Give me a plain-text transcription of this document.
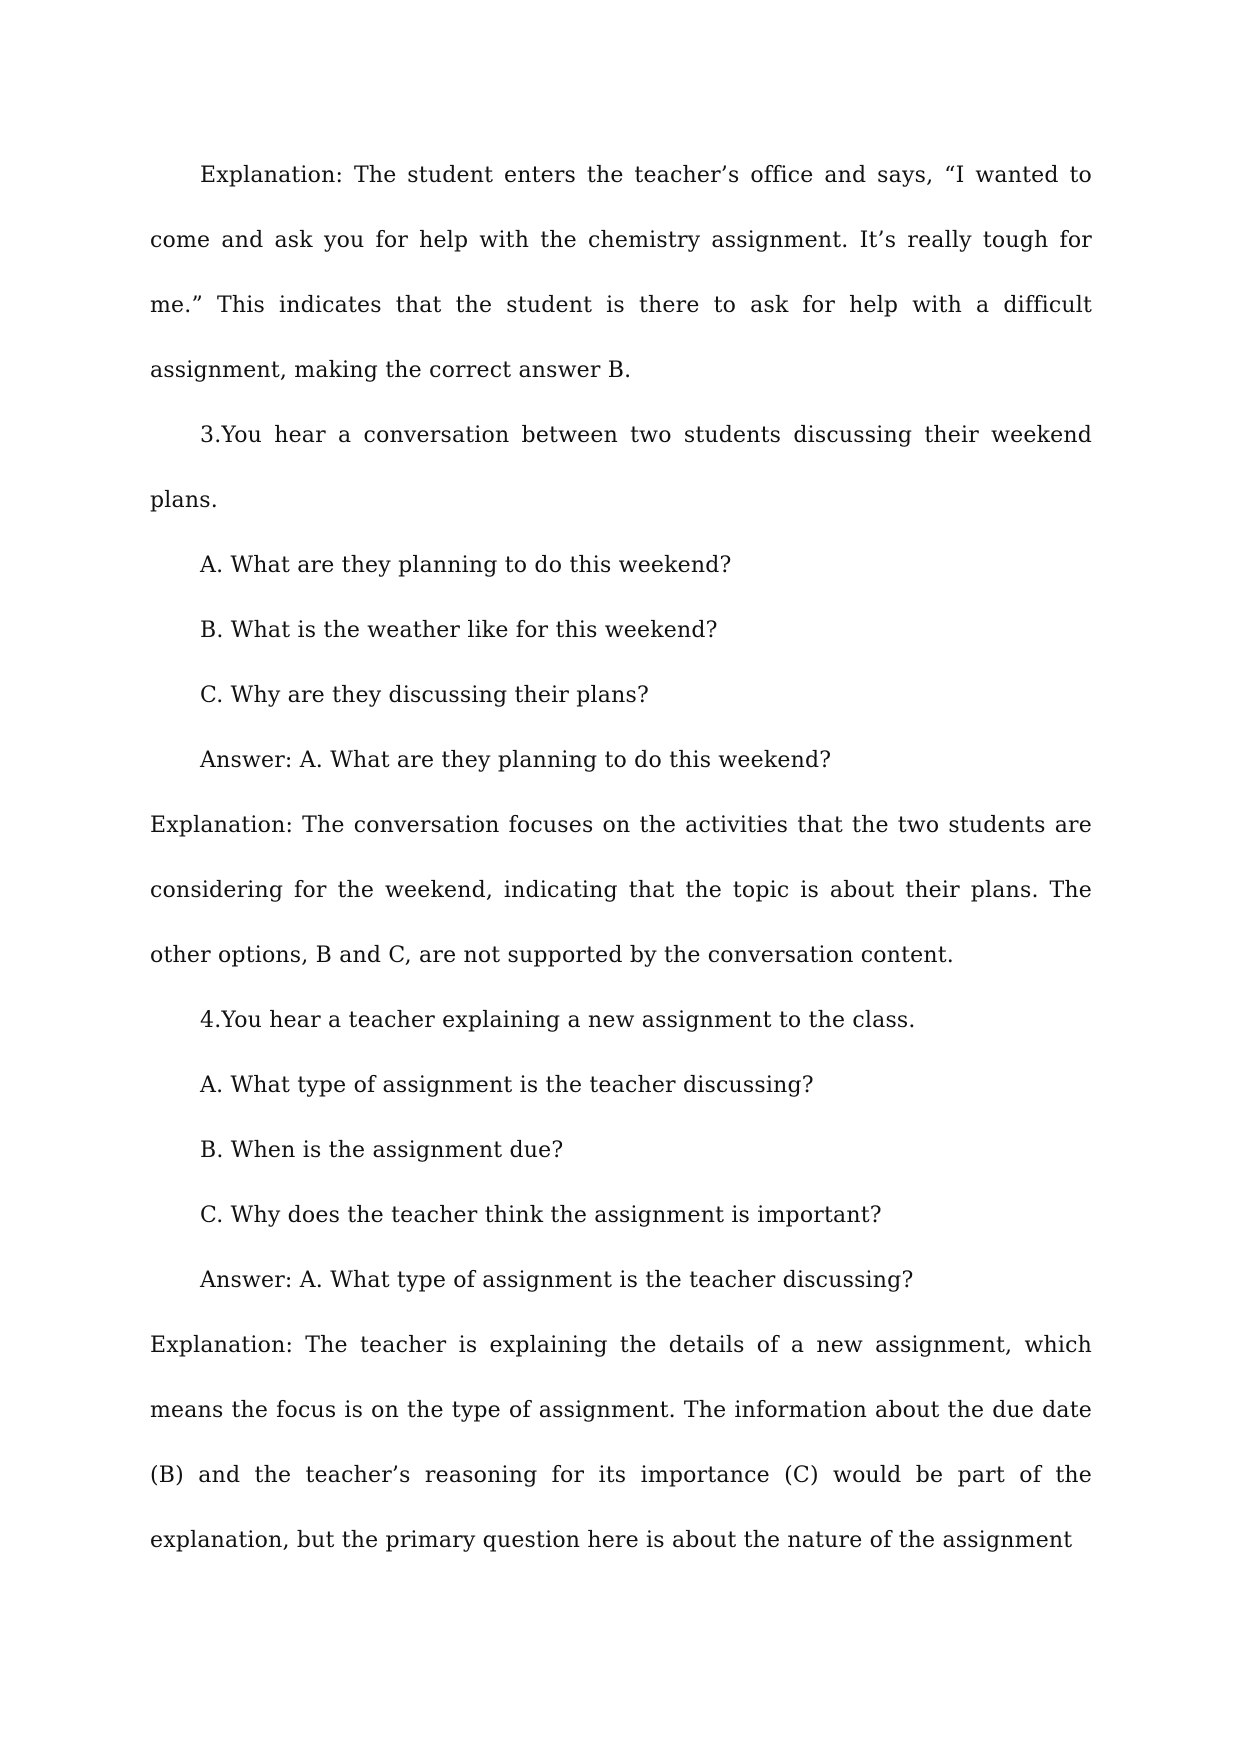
Explanation: The student enters the teacher’s office and says, “I wanted to come and ask you for help with the chemistry assignment. It’s really tough for me.” This indicates that the student is there to ask for help with a difficult assignment, making the correct answer B.

3.You hear a conversation between two students discussing their weekend plans.

A. What are they planning to do this weekend?

B. What is the weather like for this weekend?

C. Why are they discussing their plans?

Answer: A. What are they planning to do this weekend?

Explanation: The conversation focuses on the activities that the two students are considering for the weekend, indicating that the topic is about their plans. The other options, B and C, are not supported by the conversation content.

4.You hear a teacher explaining a new assignment to the class.

A. What type of assignment is the teacher discussing?

B. When is the assignment due?

C. Why does the teacher think the assignment is important?

Answer: A. What type of assignment is the teacher discussing?

Explanation: The teacher is explaining the details of a new assignment, which means the focus is on the type of assignment. The information about the due date (B) and the teacher’s reasoning for its importance (C) would be part of the explanation, but the primary question here is about the nature of the assignment
